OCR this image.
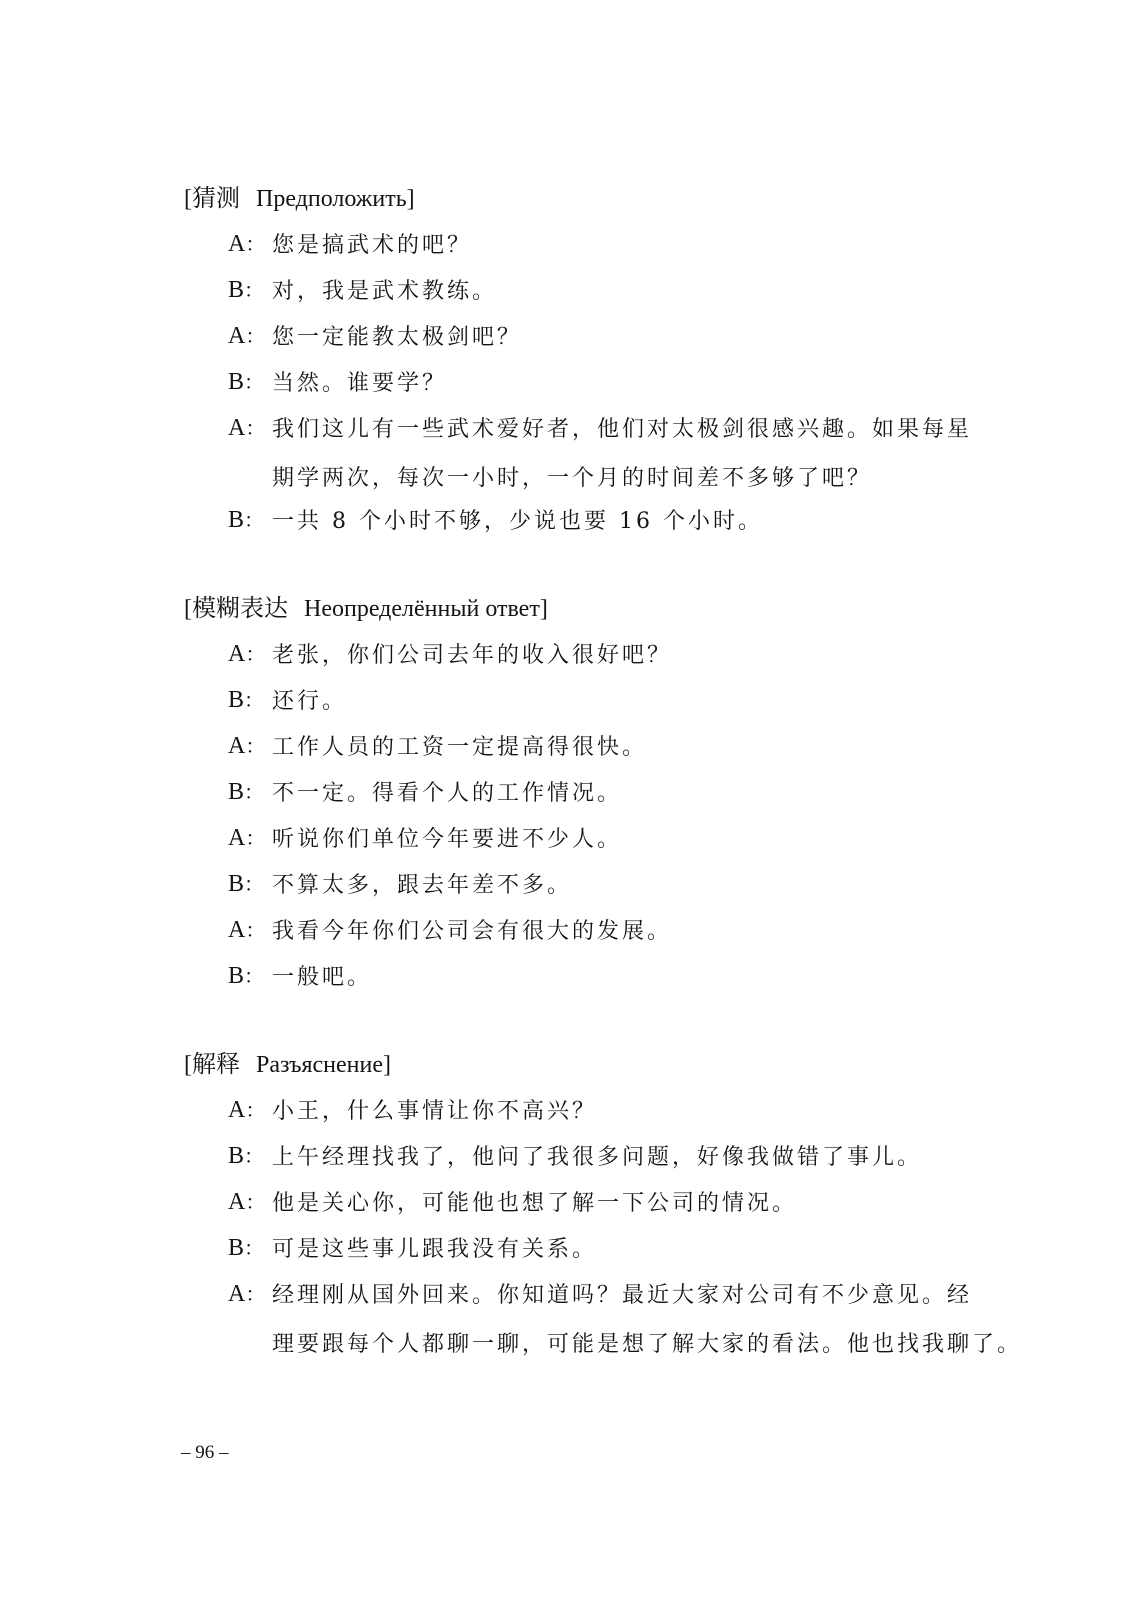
[猜测 Предположить]
A ：	您是搞武术的吧？
B ：	对，我是武术教练。
A ：	您一定能教太极剑吧？
B ：	当然。谁要学？
A ：	我们这儿有一些武术爱好者，他们对太极剑很感兴趣。如果每星
期学两次，每次一小时，一个月的时间差不多够了吧？
B ：	一共 8 个小时不够，少说也要 16 个小时。
[模糊表达 Неопределённый ответ]
A ：	老张，你们公司去年的收入很好吧？
B ：	还行。
A ：	工作人员的工资一定提高得很快。
B ：	不一定。得看个人的工作情况。
A ：	听说你们单位今年要进不少人。
B ：	不算太多，跟去年差不多。
A ：	我看今年你们公司会有很大的发展。
B ：	一般吧。
[解释 Разъяснение]
A ：	小王，什么事情让你不高兴？
B ：	上午经理找我了，他问了我很多问题，好像我做错了事儿。
A ：	他是关心你，可能他也想了解一下公司的情况。
B ：	可是这些事儿跟我没有关系。
A ：	经理刚从国外回来。你知道吗？最近大家对公司有不少意见。经
理要跟每个人都聊一聊，可能是想了解大家的看法。他也找我聊了。
– 96 –
